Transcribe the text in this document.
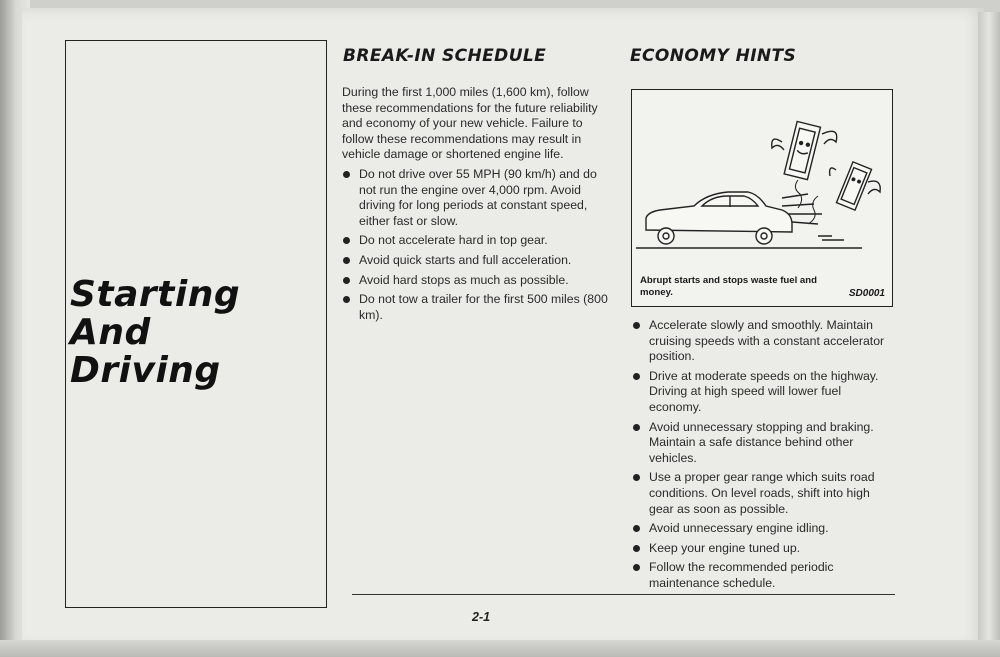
Starting
And
Driving
BREAK-IN SCHEDULE

During the first 1,000 miles (1,600 km), follow these recommendations for the future reliability and economy of your new vehicle. Failure to follow these recommendations may result in vehicle damage or shortened engine life.

Do not drive over 55 MPH (90 km/h) and do not run the engine over 4,000 rpm. Avoid driving for long periods at constant speed, either fast or slow.
Do not accelerate hard in top gear.
Avoid quick starts and full acceleration.
Avoid hard stops as much as possible.
Do not tow a trailer for the first 500 miles (800 km).
ECONOMY HINTS
Abrupt starts and stops waste fuel and money.	SD0001
Accelerate slowly and smoothly. Maintain cruising speeds with a constant accelerator position.
Drive at moderate speeds on the highway. Driving at high speed will lower fuel economy.
Avoid unnecessary stopping and braking. Maintain a safe distance behind other vehicles.
Use a proper gear range which suits road conditions. On level roads, shift into high gear as soon as possible.
Avoid unnecessary engine idling.
Keep your engine tuned up.
Follow the recommended periodic maintenance schedule.
2-1
